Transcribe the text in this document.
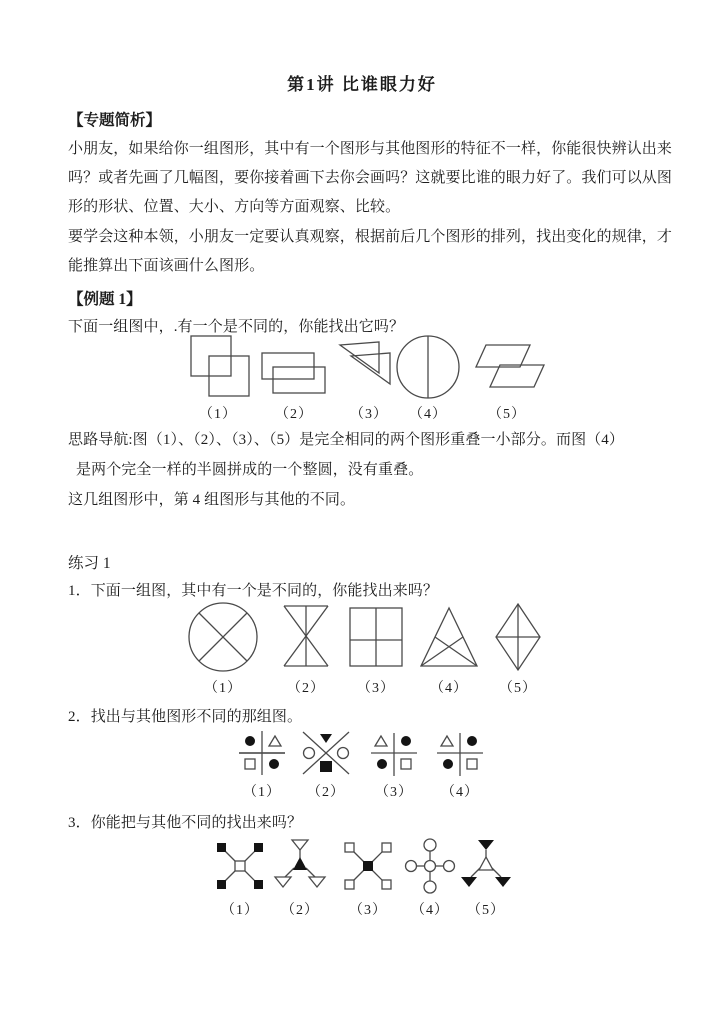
第1讲 比谁眼力好
【专题简析】
小朋友，如果给你一组图形，其中有一个图形与其他图形的特征不一样，你能很快辨认出来
吗？或者先画了几幅图，要你接着画下去你会画吗？这就要比谁的眼力好了。我们可以从图
形的形状、位置、大小、方向等方面观察、比较。
要学会这种本领，小朋友一定要认真观察，根据前后几个图形的排列，找出变化的规律，才
能推算出下面该画什么图形。
【例题 1】
下面一组图中，.有一个是不同的，你能找出它吗？
（1）	（2）	（3） （4）	（5）
思路导航:图（1）、（2）、（3）、（5）是完全相同的两个图形重叠一小部分。而图（4）
是两个完全一样的半圆拼成的一个整圆，没有重叠。
这几组图形中，第 4 组图形与其他的不同。
练习 1
1．下面一组图，其中有一个是不同的，你能找出来吗？
（1）	（2） （3）	（4） （5）
2．找出与其他图形不同的那组图。
（1） （2） （3） （4）
3．你能把与其他不同的找出来吗？
（1） （2） （3） （4） （5）
